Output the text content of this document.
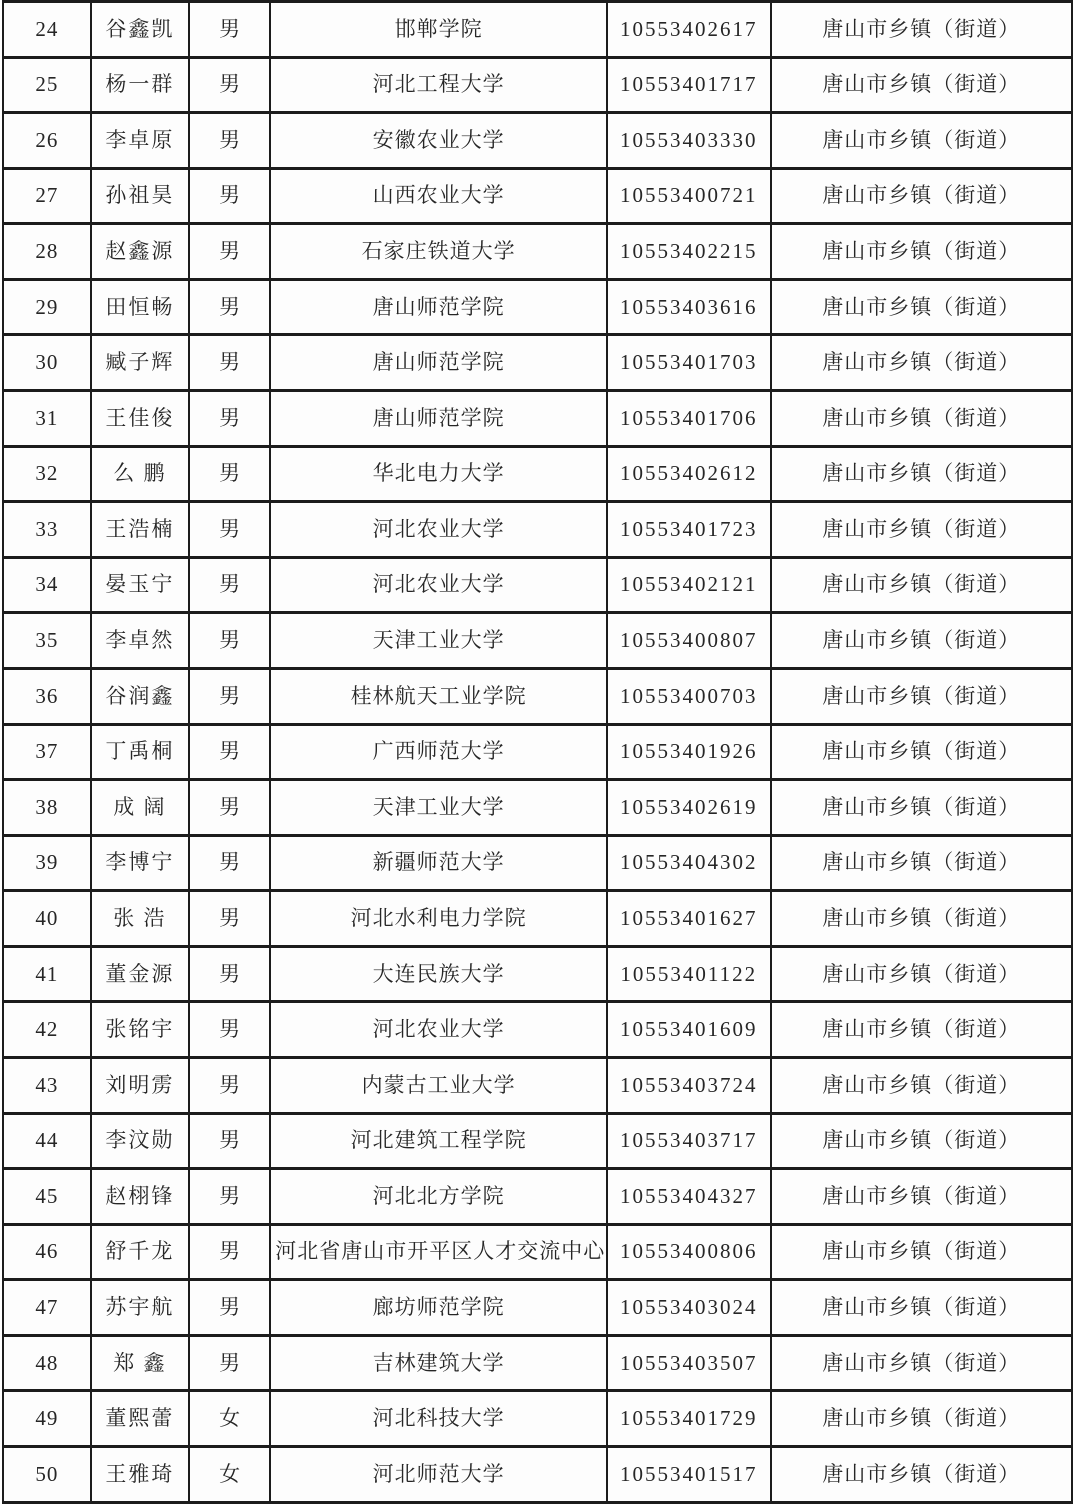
24	谷鑫凯	男	邯郸学院	10553402617	唐山市乡镇（街道）
25	杨一群	男	河北工程大学	10553401717	唐山市乡镇（街道）
26	李卓原	男	安徽农业大学	10553403330	唐山市乡镇（街道）
27	孙祖昊	男	山西农业大学	10553400721	唐山市乡镇（街道）
28	赵鑫源	男	石家庄铁道大学	10553402215	唐山市乡镇（街道）
29	田恒畅	男	唐山师范学院	10553403616	唐山市乡镇（街道）
30	臧子辉	男	唐山师范学院	10553401703	唐山市乡镇（街道）
31	王佳俊	男	唐山师范学院	10553401706	唐山市乡镇（街道）
32	么 鹏	男	华北电力大学	10553402612	唐山市乡镇（街道）
33	王浩楠	男	河北农业大学	10553401723	唐山市乡镇（街道）
34	晏玉宁	男	河北农业大学	10553402121	唐山市乡镇（街道）
35	李卓然	男	天津工业大学	10553400807	唐山市乡镇（街道）
36	谷润鑫	男	桂林航天工业学院	10553400703	唐山市乡镇（街道）
37	丁禹桐	男	广西师范大学	10553401926	唐山市乡镇（街道）
38	成 阔	男	天津工业大学	10553402619	唐山市乡镇（街道）
39	李博宁	男	新疆师范大学	10553404302	唐山市乡镇（街道）
40	张 浩	男	河北水利电力学院	10553401627	唐山市乡镇（街道）
41	董金源	男	大连民族大学	10553401122	唐山市乡镇（街道）
42	张铭宇	男	河北农业大学	10553401609	唐山市乡镇（街道）
43	刘明雳	男	内蒙古工业大学	10553403724	唐山市乡镇（街道）
44	李汶勋	男	河北建筑工程学院	10553403717	唐山市乡镇（街道）
45	赵栩锋	男	河北北方学院	10553404327	唐山市乡镇（街道）
46	舒千龙	男	河北省唐山市开平区人才交流中心	10553400806	唐山市乡镇（街道）
47	苏宇航	男	廊坊师范学院	10553403024	唐山市乡镇（街道）
48	郑 鑫	男	吉林建筑大学	10553403507	唐山市乡镇（街道）
49	董熙蕾	女	河北科技大学	10553401729	唐山市乡镇（街道）
50	王雅琦	女	河北师范大学	10553401517	唐山市乡镇（街道）
